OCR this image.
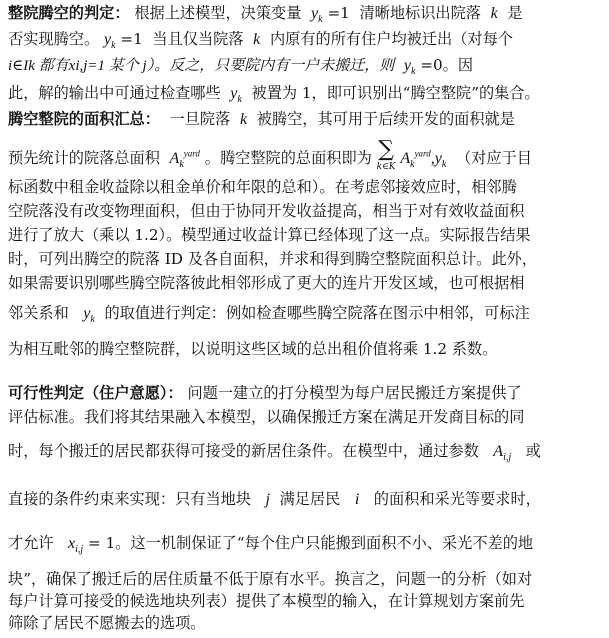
整院腾空的判定： 根据上述模型，决策变量 $y_k =1$ 清晰地标识出院落 k 是
否实现腾空。 $y_k =1$ 当且仅当院落 k 内原有的所有住户均被迁出（对每个
i∈Ik 都有xi,j=1 某个 j）。反之，只要院内有一户未搬迁，则 $y_k =0$。因
此，解的输出中可通过检查哪些 $y_k$ 被置为 1，即可识别出“腾空整院”的集合。
腾空整院的面积汇总： 一旦院落 k 被腾空，其可用于后续开发的面积就是
预先统计的院落总面积 $A_k^{yard}$ 。腾空整院的总面积即为 ∑
k∈K $A_k^{yard},y_k$ （对应于目
标函数中租金收益除以租金单价和年限的总和）。在考虑邻接效应时，相邻腾
空院落没有改变物理面积，但由于协同开发收益提高，相当于对有效收益面积
进行了放大（乘以 1.2）。模型通过收益计算已经体现了这一点。实际报告结果
时，可列出腾空的院落 ID 及各自面积，并求和得到腾空整院面积总计。此外，
如果需要识别哪些腾空院落彼此相邻形成了更大的连片开发区域，也可根据相
邻关系和 $y_k$ 的取值进行判定：例如检查哪些腾空院落在图示中相邻，可标注
为相互毗邻的腾空整院群，以说明这些区域的总出租价值将乘 1.2 系数。
可行性判定（住户意愿）： 问题一建立的打分模型为每户居民搬迁方案提供了
评估标准。我们将其结果融入本模型，以确保搬迁方案在满足开发商目标的同
时，每个搬迁的居民都获得可接受的新居住条件。在模型中，通过参数 $A_{i,j}$ 或
直接的条件约束来实现：只有当地块 j 满足居民 i 的面积和采光等要求时，
才允许 $x_{i,j} = 1$。这一机制保证了“每个住户只能搬到面积不小、采光不差的地
块”，确保了搬迁后的居住质量不低于原有水平。换言之，问题一的分析（如对
每户计算可接受的候选地块列表）提供了本模型的输入，在计算规划方案前先
筛除了居民不愿搬去的选项。
